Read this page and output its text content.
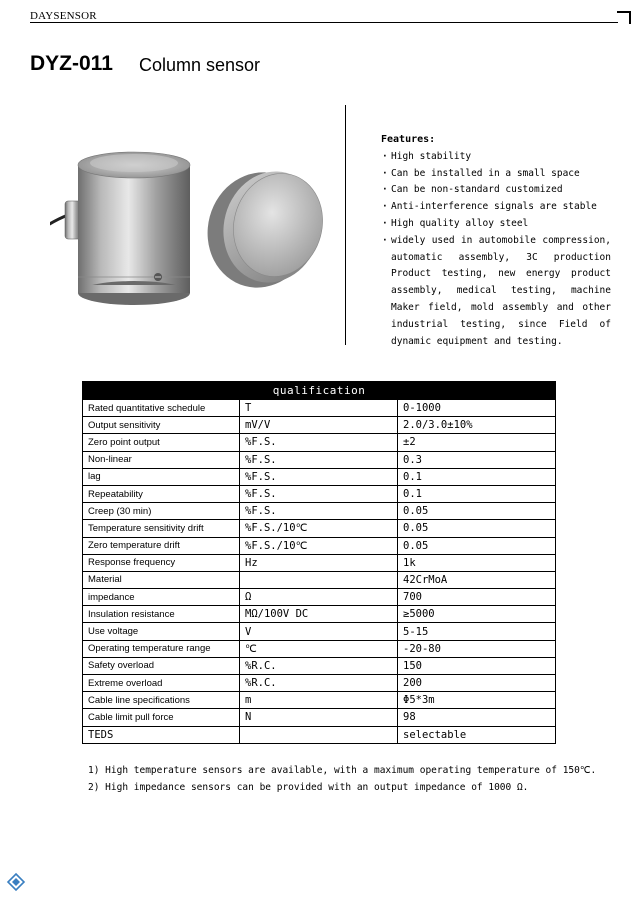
DAYSENSOR
DYZ-011 Column sensor
Features:
· High stability
· Can be installed in a small space
· Can be non-standard customized
· Anti-interference signals are stable
· High quality alloy steel
· widely used in automobile compression, automatic assembly, 3C production Product testing, new energy product assembly, medical testing, machine Maker field, mold assembly and other industrial testing, since Field of dynamic equipment and testing.
qualification		
Rated quantitative schedule	T	0-1000
Output sensitivity	mV/V	2.0/3.0±10%
Zero point output	%F.S.	±2
Non-linear	%F.S.	0.3
lag	%F.S.	0.1
Repeatability	%F.S.	0.1
Creep (30 min)	%F.S.	0.05
Temperature sensitivity drift	%F.S./10℃	0.05
Zero temperature drift	%F.S./10℃	0.05
Response frequency	Hz	1k
Material		42CrMoA
impedance	Ω	700
Insulation resistance	MΩ/100V DC	≥5000
Use voltage	V	5-15
Operating temperature range	℃	-20-80
Safety overload	%R.C.	150
Extreme overload	%R.C.	200
Cable line specifications	m	Φ5*3m
Cable limit pull force	N	98
TEDS		selectable
1) High temperature sensors are available, with a maximum operating temperature of 150℃.
2) High impedance sensors can be provided with an output impedance of 1000 Ω.
